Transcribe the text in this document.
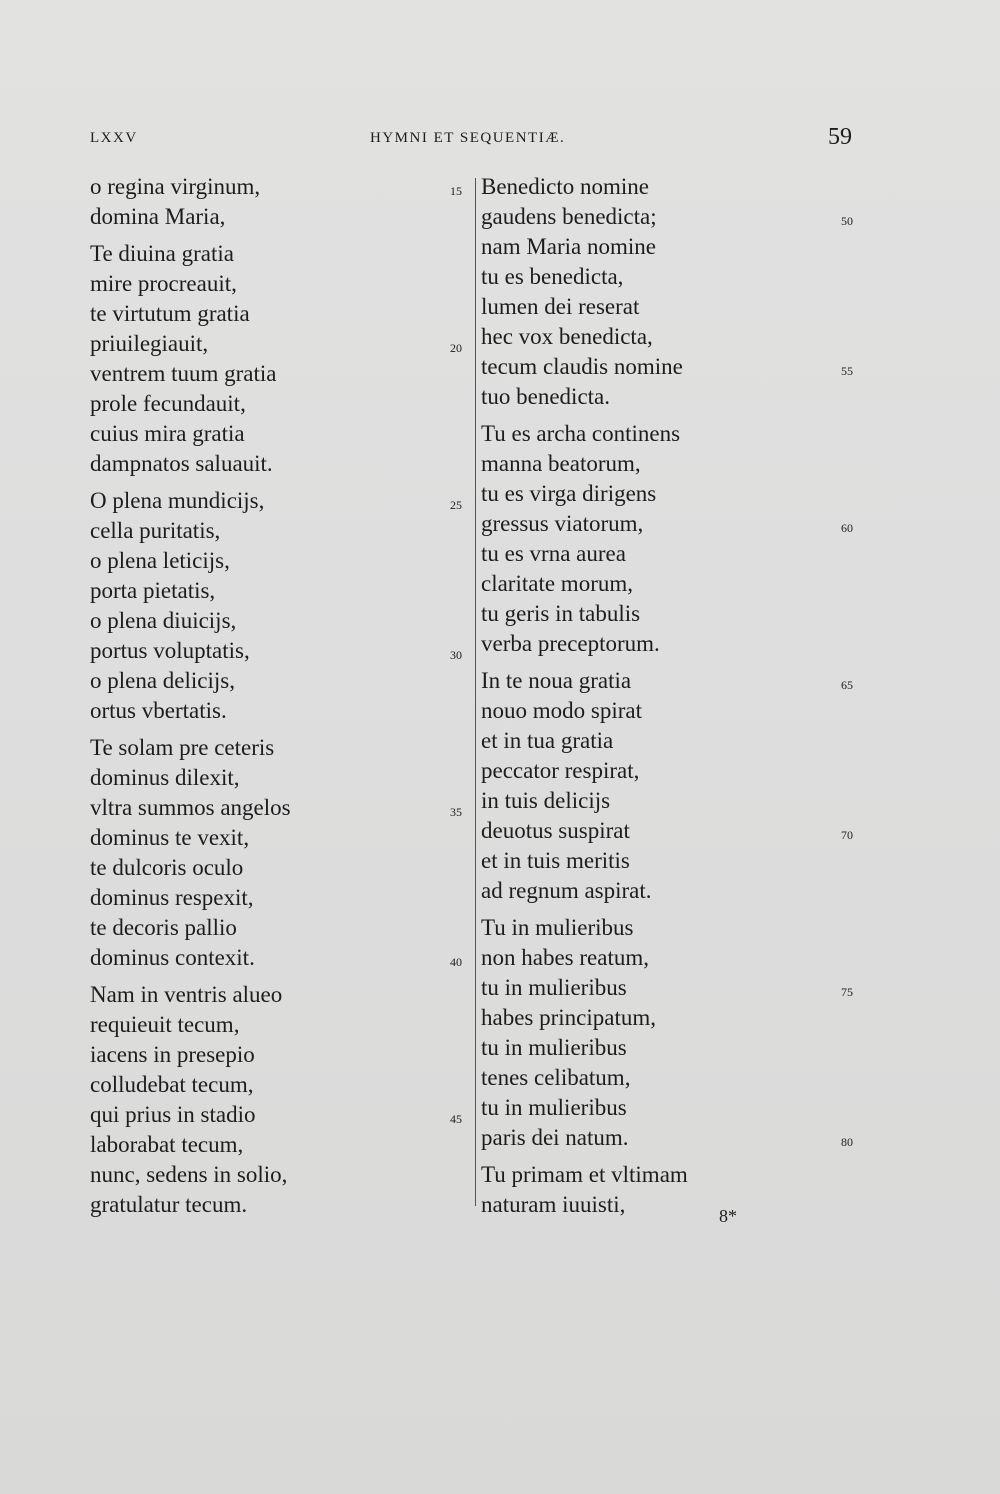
LXXV	HYMNI ET SEQUENTIÆ.	59
o regina virginum,	15
domina Maria,
Te diuina gratia
mire procreauit,
te virtutum gratia
priuilegiauit,	20
ventrem tuum gratia
prole fecundauit,
cuius mira gratia
dampnatos saluauit.
O plena mundicijs,	25
cella puritatis,
o plena leticijs,
porta pietatis,
o plena diuicijs,
portus voluptatis,	30
o plena delicijs,
ortus vbertatis.
Te solam pre ceteris
dominus dilexit,
vltra summos angelos	35
dominus te vexit,
te dulcoris oculo
dominus respexit,
te decoris pallio
dominus contexit.	40
Nam in ventris alueo
requieuit tecum,
iacens in presepio
colludebat tecum,
qui prius in stadio	45
laborabat tecum,
nunc, sedens in solio,
gratulatur tecum.
Benedicto nomine
gaudens benedicta;	50
nam Maria nomine
tu es benedicta,
lumen dei reserat
hec vox benedicta,
tecum claudis nomine	55
tuo benedicta.
Tu es archa continens
manna beatorum,
tu es virga dirigens
gressus viatorum,	60
tu es vrna aurea
claritate morum,
tu geris in tabulis
verba preceptorum.
In te noua gratia	65
nouo modo spirat
et in tua gratia
peccator respirat,
in tuis delicijs
deuotus suspirat	70
et in tuis meritis
ad regnum aspirat.
Tu in mulieribus
non habes reatum,
tu in mulieribus	75
habes principatum,
tu in mulieribus
tenes celibatum,
tu in mulieribus
paris dei natum.	80
Tu primam et vltimam
naturam iuuisti,	8*
